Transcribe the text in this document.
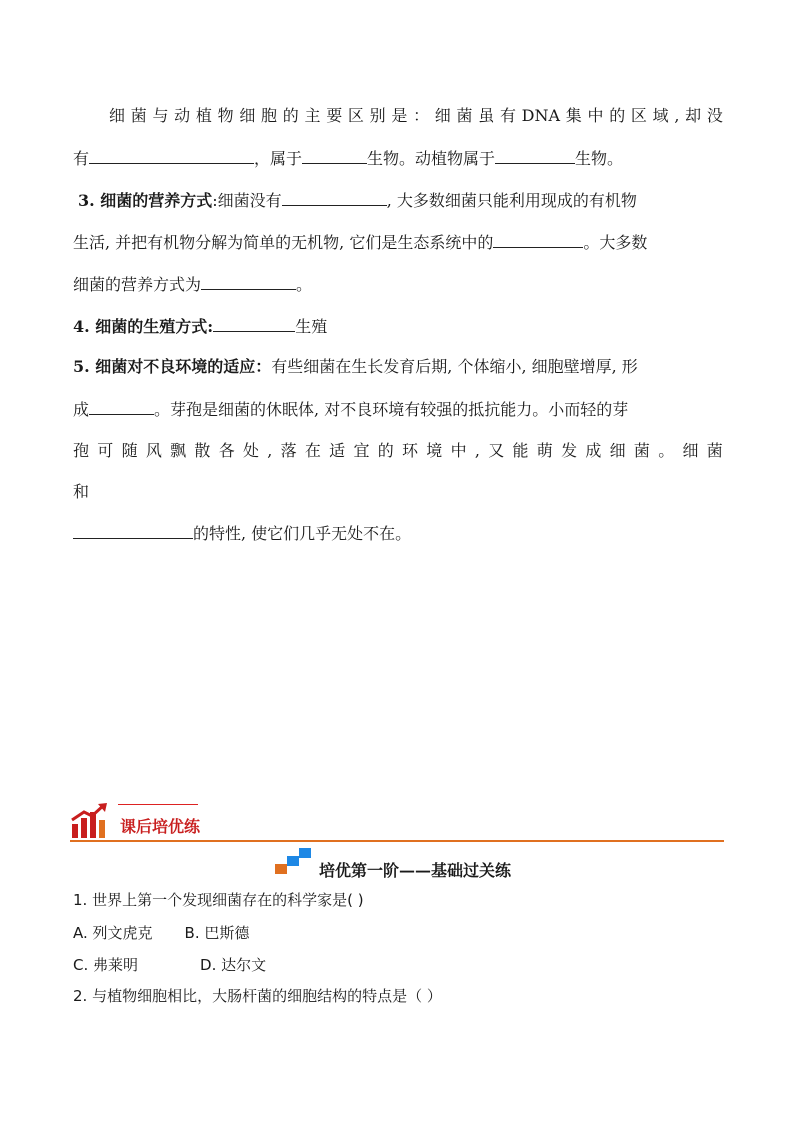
细 菌 与 动 植 物 细 胞 的 主 要 区 别 是 ： 细 菌 虽 有 DNA 集 中 的 区 域 , 却 没
有	，属于	生物。动植物属于	生物。
3. 细菌的营养方式:细菌没有	, 大多数细菌只能利用现成的有机物
生活, 并把有机物分解为简单的无机物, 它们是生态系统中的	。大多数
细菌的营养方式为	。
4. 细菌的生殖方式:	生殖
5. 细菌对不良环境的适应：有些细菌在生长发育后期, 个体缩小, 细胞壁增厚, 形
成	。芽孢是细菌的休眠体, 对不良环境有较强的抵抗能力。小而轻的芽
孢 可 随 风 飘 散 各 处 , 落 在 适 宜 的 环 境 中 , 又 能 萌 发 成 细 菌 。 细 菌
和
的特性, 使它们几乎无处不在。
课后培优练
培优第一阶——基础过关练
1. 世界上第一个发现细菌存在的科学家是( )
A. 列文虎克 B. 巴斯德
C. 弗莱明	D. 达尔文
2. 与植物细胞相比，大肠杆菌的细胞结构的特点是（ ）
